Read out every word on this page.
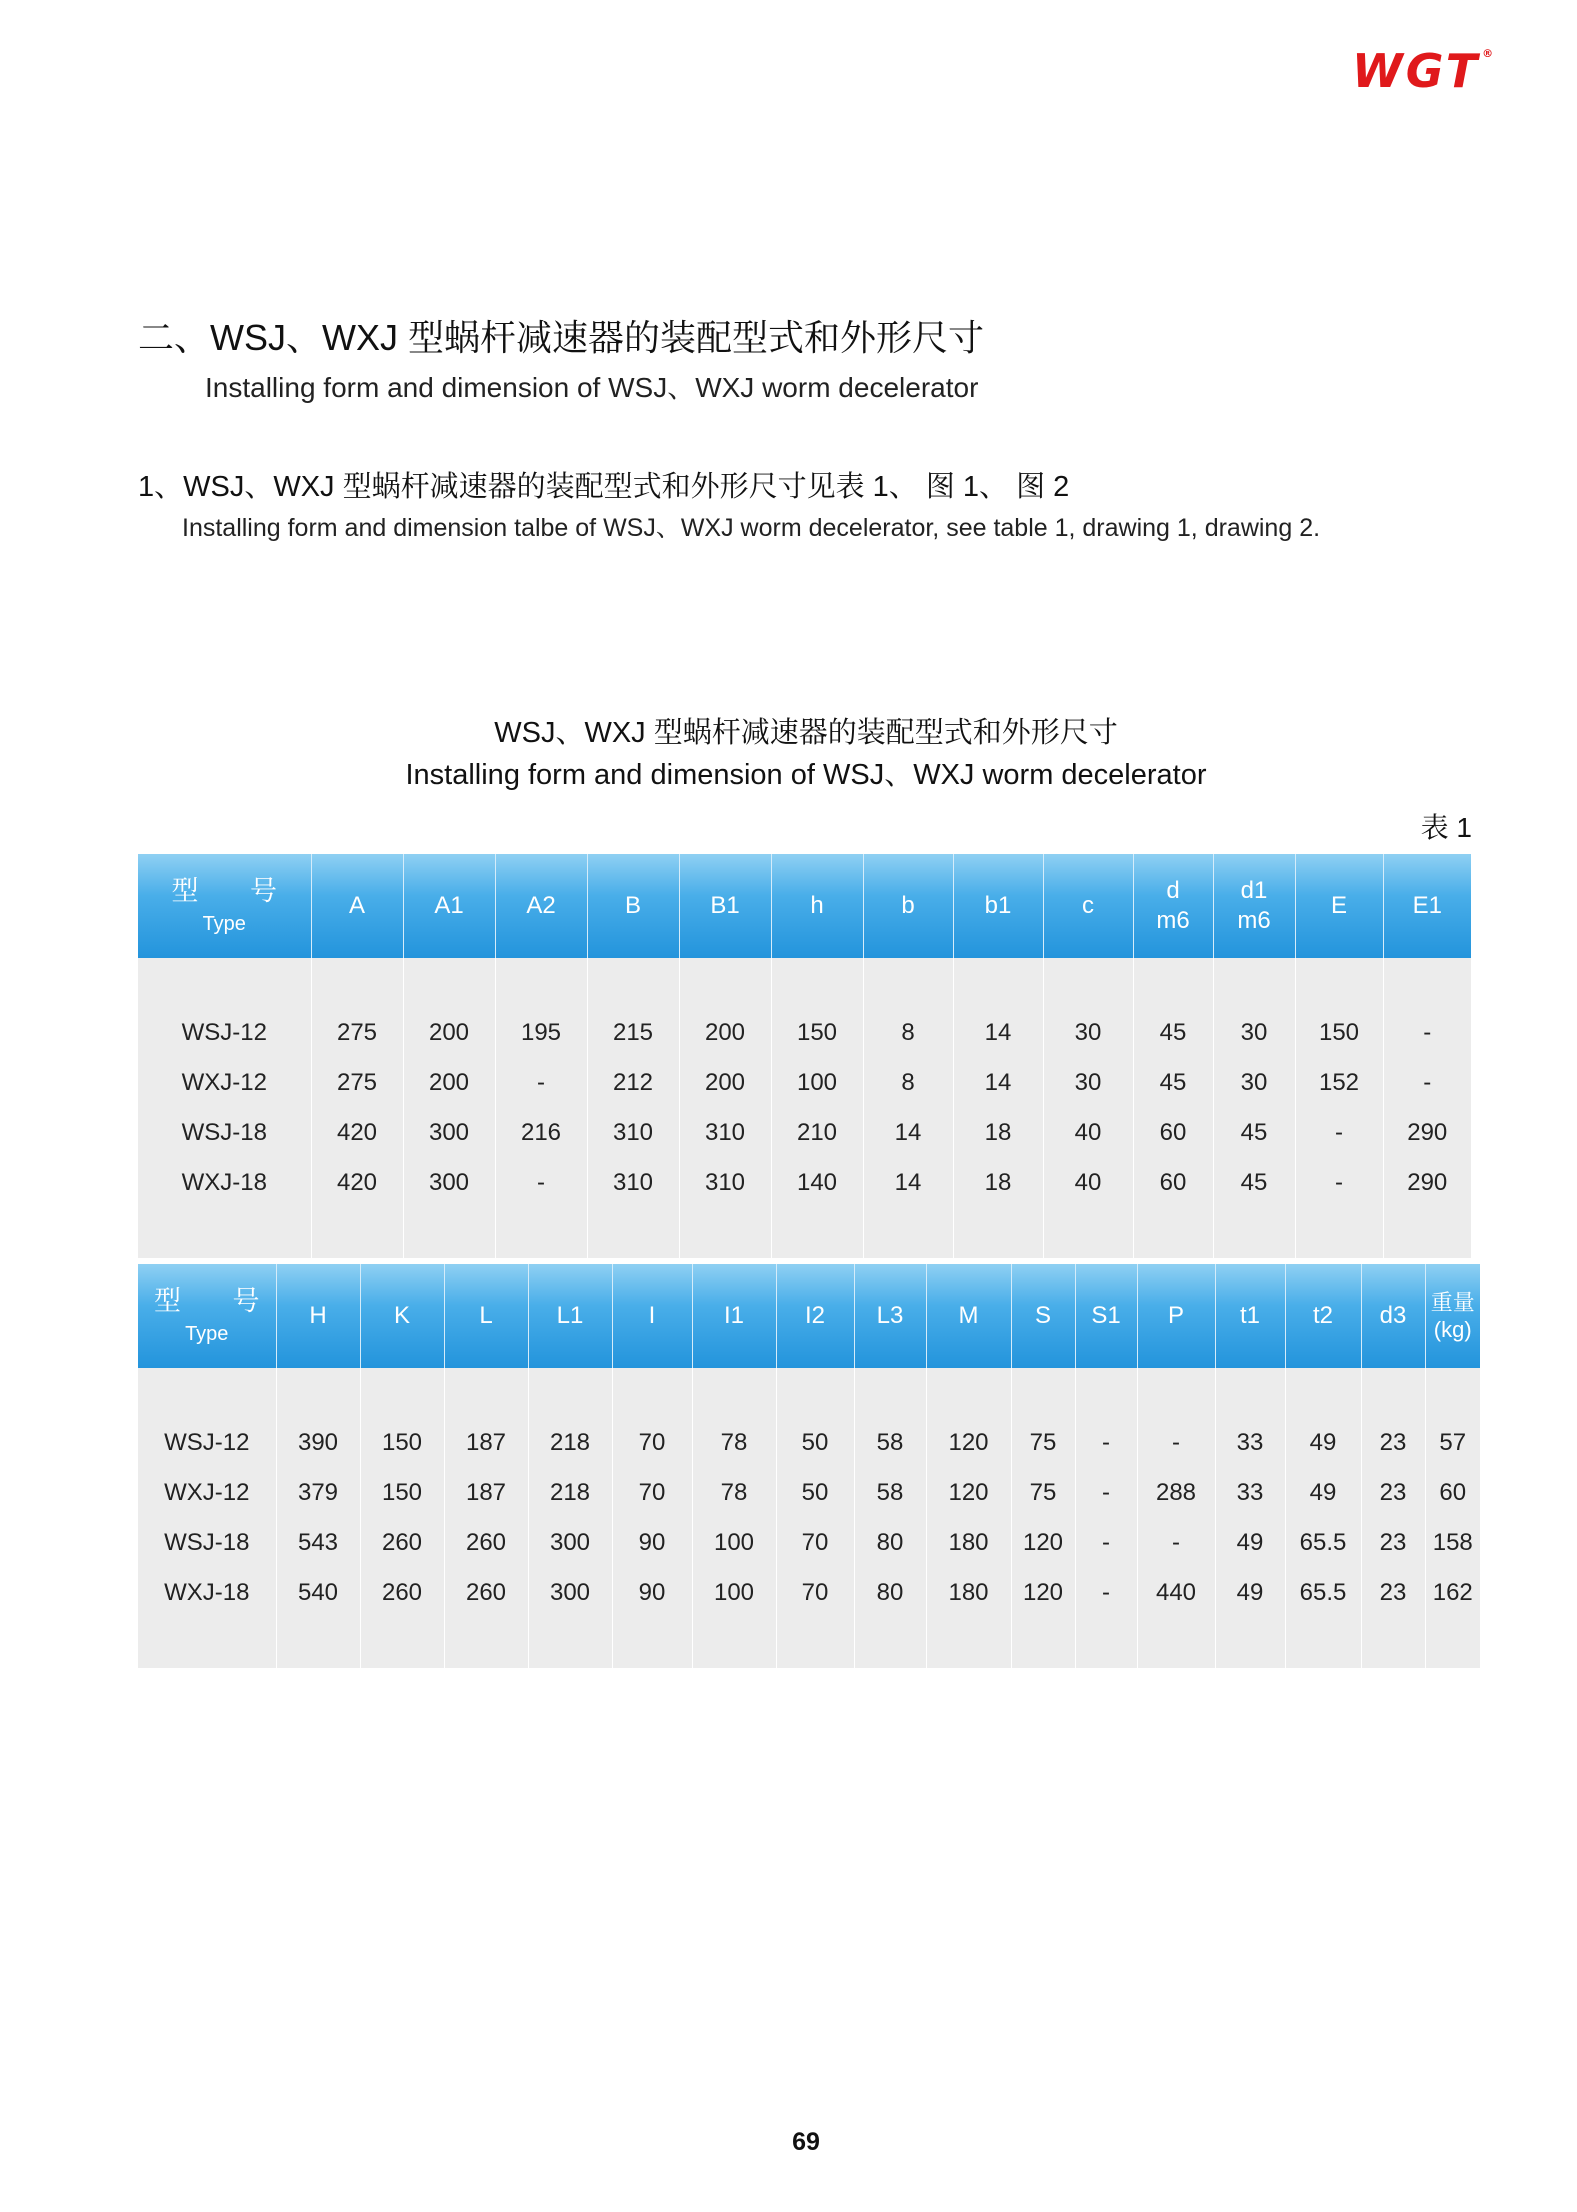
WGT ®
二、WSJ、WXJ 型蜗杆减速器的装配型式和外形尺寸
Installing form and dimension of WSJ、WXJ worm decelerator
1、WSJ、WXJ 型蜗杆减速器的装配型式和外形尺寸见表 1、 图 1、 图 2
Installing form and dimension talbe of WSJ、WXJ worm decelerator, see table 1, drawing 1, drawing 2.
WSJ、WXJ 型蜗杆减速器的装配型式和外形尺寸
Installing form and dimension of WSJ、WXJ worm decelerator
表 1
型 号
Type	A	A1	A2	B	B1	h	b	b1	c	d
m6	d1
m6	E	E1

WSJ-12	275	200	195	215	200	150	8	14	30	45	30	150	-
WXJ-12	275	200	-	212	200	100	8	14	30	45	30	152	-
WSJ-18	420	300	216	310	310	210	14	18	40	60	45	-	290
WXJ-18	420	300	-	310	310	140	14	18	40	60	45	-	290

型 号
Type	H	K	L	L1	I	I1	I2	L3	M	S	S1	P	t1	t2	d3	重量
(kg)

WSJ-12	390	150	187	218	70	78	50	58	120	75	-	-	33	49	23	57
WXJ-12	379	150	187	218	70	78	50	58	120	75	-	288	33	49	23	60
WSJ-18	543	260	260	300	90	100	70	80	180	120	-	-	49	65.5	23	158
WXJ-18	540	260	260	300	90	100	70	80	180	120	-	440	49	65.5	23	162

69
